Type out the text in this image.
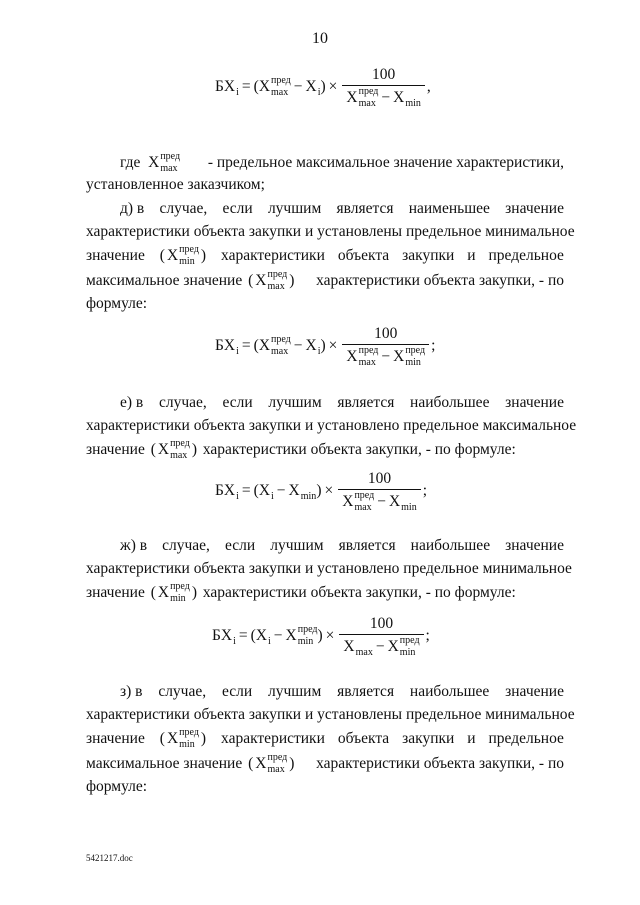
10
БX i = ( X пред
max − X i ) × 100
X пред
max − X min ,
где
X пред
max - предельное максимальное значение характеристики,
установленное заказчиком;
д) в случае, если лучшим является наименьшее значение
характеристики объекта закупки и установлены предельное минимальное
значение ( X пред
min ) характеристики объекта закупки и предельное
максимальное значение
( X пред
max ) характеристики объекта закупки, - по
формуле:
БX i = ( X пред
max − X i ) × 100
X пред
max − X пред
min ;
е) в случае, если лучшим является наибольшее значение
характеристики объекта закупки и установлено предельное максимальное
значение
( X пред
max )
характеристики объекта закупки, - по формуле:
БX i = ( X i − X min ) × 100
X пред
max − X min ;
ж) в случае, если лучшим является наибольшее значение
характеристики объекта закупки и установлено предельное минимальное
значение
( X пред
min )
характеристики объекта закупки, - по формуле:
БX i = ( X i − X пред
min ) × 100
X max − X пред
min ;
з) в случае, если лучшим является наибольшее значение
характеристики объекта закупки и установлены предельное минимальное
значение ( X пред
min ) характеристики объекта закупки и предельное
максимальное значение
( X пред
max ) характеристики объекта закупки, - по
формуле:
5421217.doc
